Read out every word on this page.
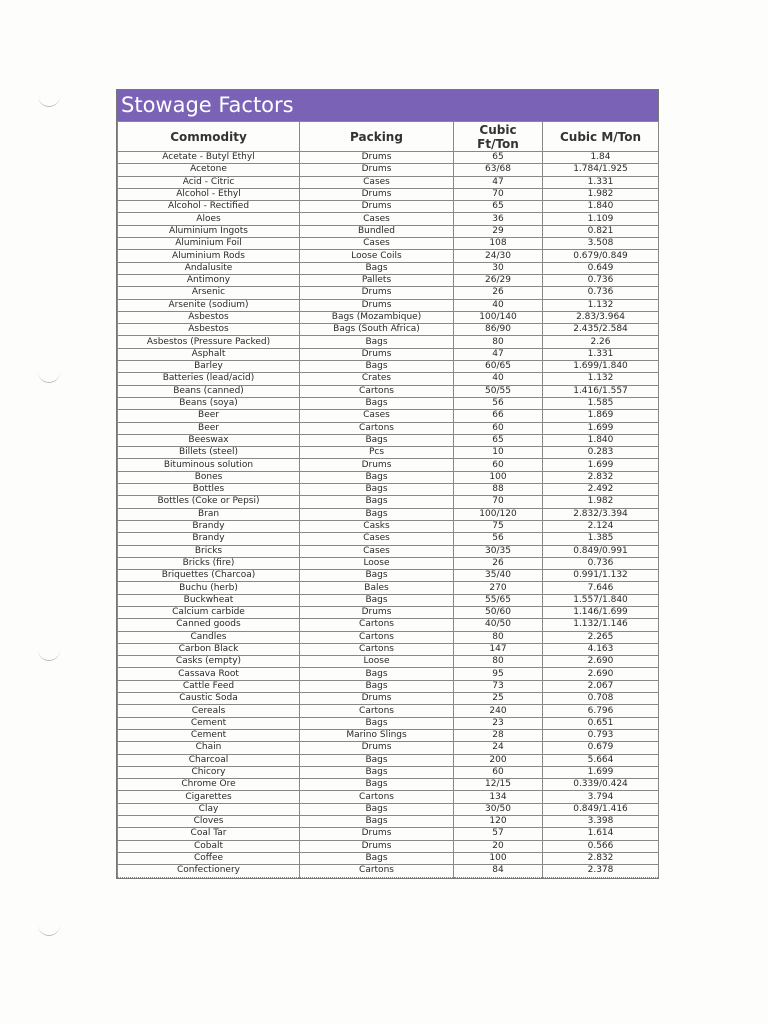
Stowage Factors
Commodity	Packing	Cubic Ft/Ton	Cubic M/Ton
Acetate - Butyl Ethyl	Drums	65	1.84
Acetone	Drums	63/68	1.784/1.925
Acid - Citric	Cases	47	1.331
Alcohol - Ethyl	Drums	70	1.982
Alcohol - Rectified	Drums	65	1.840
Aloes	Cases	36	1.109
Aluminium Ingots	Bundled	29	0.821
Aluminium Foil	Cases	108	3.508
Aluminium Rods	Loose Coils	24/30	0.679/0.849
Andalusite	Bags	30	0.649
Antimony	Pallets	26/29	0.736
Arsenic	Drums	26	0.736
Arsenite (sodium)	Drums	40	1.132
Asbestos	Bags (Mozambique)	100/140	2.83/3.964
Asbestos	Bags (South Africa)	86/90	2.435/2.584
Asbestos (Pressure Packed)	Bags	80	2.26
Asphalt	Drums	47	1.331
Barley	Bags	60/65	1.699/1.840
Batteries (lead/acid)	Crates	40	1.132
Beans (canned)	Cartons	50/55	1.416/1.557
Beans (soya)	Bags	56	1.585
Beer	Cases	66	1.869
Beer	Cartons	60	1.699
Beeswax	Bags	65	1.840
Billets (steel)	Pcs	10	0.283
Bituminous solution	Drums	60	1.699
Bones	Bags	100	2.832
Bottles	Bags	88	2.492
Bottles (Coke or Pepsi)	Bags	70	1.982
Bran	Bags	100/120	2.832/3.394
Brandy	Casks	75	2.124
Brandy	Cases	56	1.385
Bricks	Cases	30/35	0.849/0.991
Bricks (fire)	Loose	26	0.736
Briquettes (Charcoa)	Bags	35/40	0.991/1.132
Buchu (herb)	Bales	270	7.646
Buckwheat	Bags	55/65	1.557/1.840
Calcium carbide	Drums	50/60	1.146/1.699
Canned goods	Cartons	40/50	1.132/1.146
Candles	Cartons	80	2.265
Carbon Black	Cartons	147	4.163
Casks (empty)	Loose	80	2.690
Cassava Root	Bags	95	2.690
Cattle Feed	Bags	73	2.067
Caustic Soda	Drums	25	0.708
Cereals	Cartons	240	6.796
Cement	Bags	23	0.651
Cement	Marino Slings	28	0.793
Chain	Drums	24	0.679
Charcoal	Bags	200	5.664
Chicory	Bags	60	1.699
Chrome Ore	Bags	12/15	0.339/0.424
Cigarettes	Cartons	134	3.794
Clay	Bags	30/50	0.849/1.416
Cloves	Bags	120	3.398
Coal Tar	Drums	57	1.614
Cobalt	Drums	20	0.566
Coffee	Bags	100	2.832
Confectionery	Cartons	84	2.378
